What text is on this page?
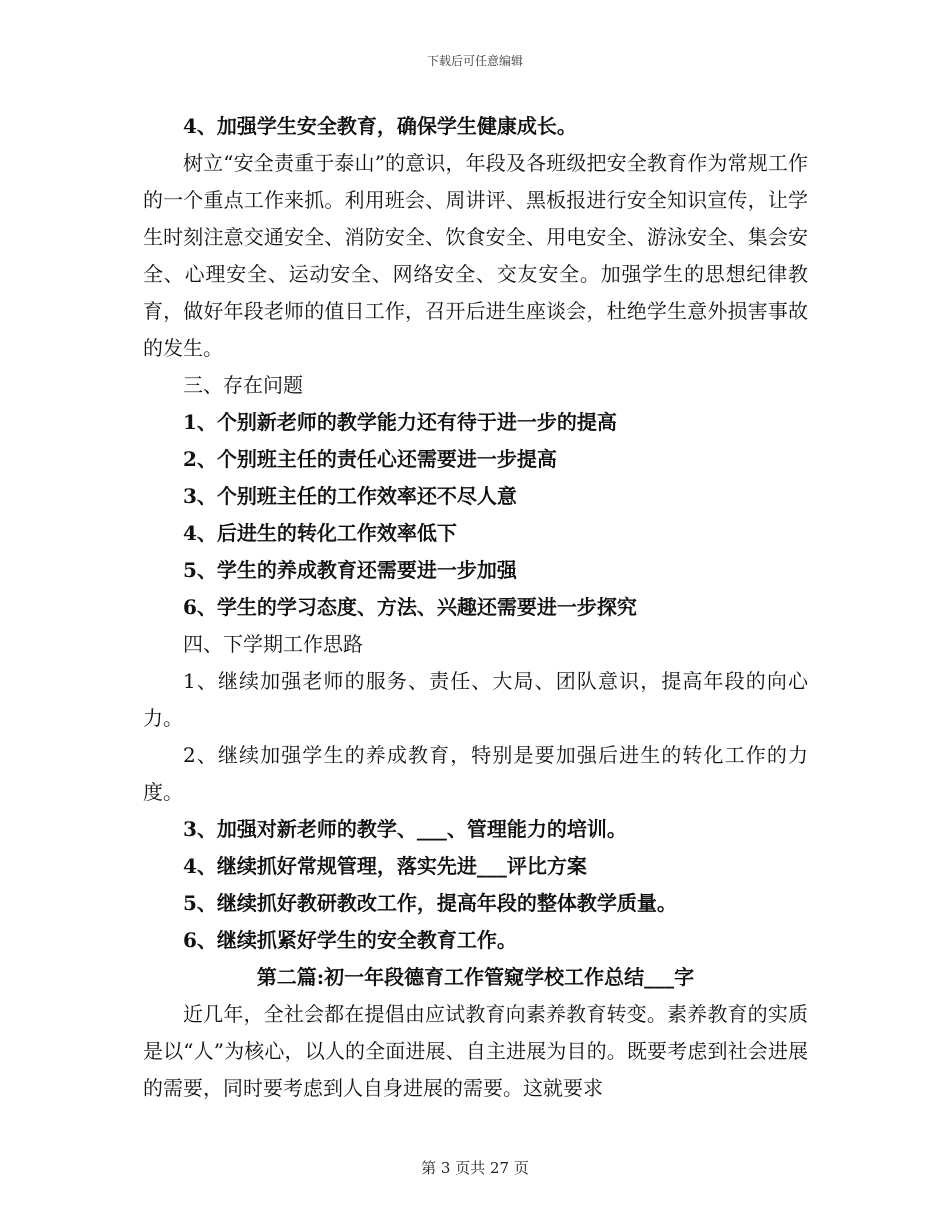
下载后可任意编辑

4、加强学生安全教育，确保学生健康成长。

树立“安全责重于泰山”的意识，年段及各班级把安全教育作为常规工作的一个重点工作来抓。利用班会、周讲评、黑板报进行安全知识宣传，让学生时刻注意交通安全、消防安全、饮食安全、用电安全、游泳安全、集会安全、心理安全、运动安全、网络安全、交友安全。加强学生的思想纪律教育，做好年段老师的值日工作，召开后进生座谈会，杜绝学生意外损害事故的发生。

三、存在问题

1、个别新老师的教学能力还有待于进一步的提高

2、个别班主任的责任心还需要进一步提高

3、个别班主任的工作效率还不尽人意

4、后进生的转化工作效率低下

5、学生的养成教育还需要进一步加强

6、学生的学习态度、方法、兴趣还需要进一步探究

四、下学期工作思路

1、继续加强老师的服务、责任、大局、团队意识，提高年段的向心力。

2、继续加强学生的养成教育，特别是要加强后进生的转化工作的力度。

3、加强对新老师的教学、___、管理能力的培训。

4、继续抓好常规管理，落实先进___评比方案

5、继续抓好教研教改工作，提高年段的整体教学质量。

6、继续抓紧好学生的安全教育工作。

第二篇:初一年段德育工作管窥学校工作总结___字

近几年，全社会都在提倡由应试教育向素养教育转变。素养教育的实质是以“人”为核心，以人的全面进展、自主进展为目的。既要考虑到社会进展的需要，同时要考虑到人自身进展的需要。这就要求

第 3 页共 27 页
